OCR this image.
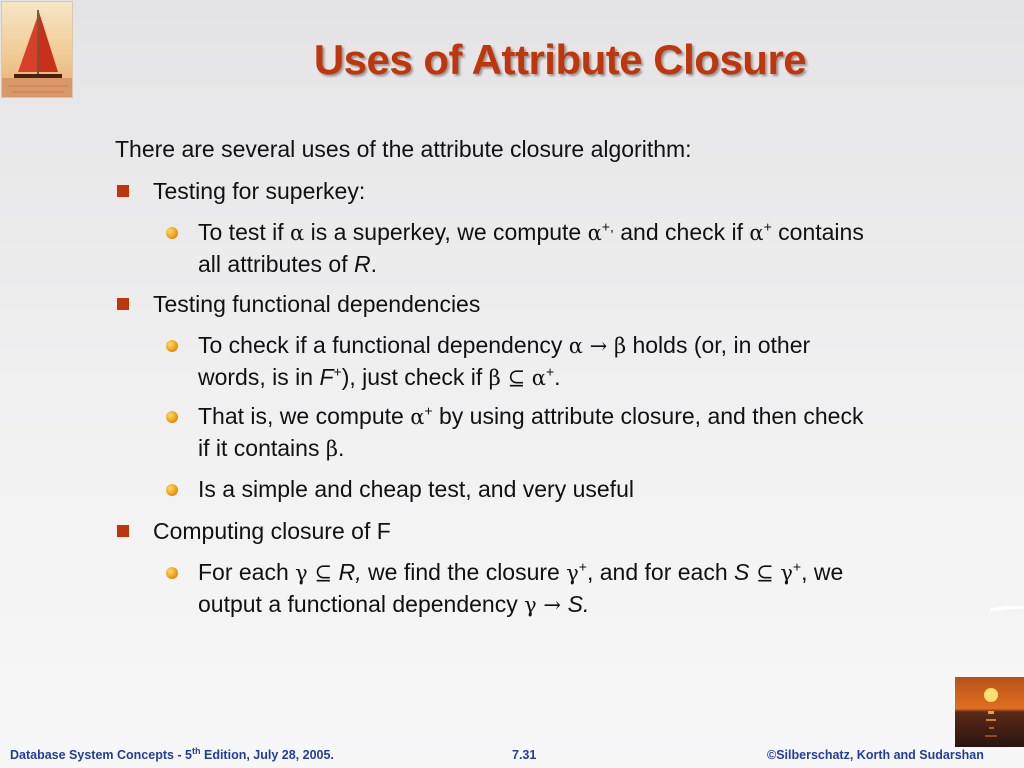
Uses of Attribute Closure
There are several uses of the attribute closure algorithm:
Testing for superkey:
To test if α is a superkey, we compute α+, and check if α+ contains
all attributes of R.
Testing functional dependencies
To check if a functional dependency α → β holds (or, in other
words, is in F+), just check if β ⊆ α+.
That is, we compute α+ by using attribute closure, and then check
if it contains β.
Is a simple and cheap test, and very useful
Computing closure of F
For each γ ⊆ R, we find the closure γ+, and for each S ⊆ γ+, we
output a functional dependency γ → S.
Database System Concepts - 5th Edition, July 28, 2005.	7.31	©Silberschatz, Korth and Sudarshan
